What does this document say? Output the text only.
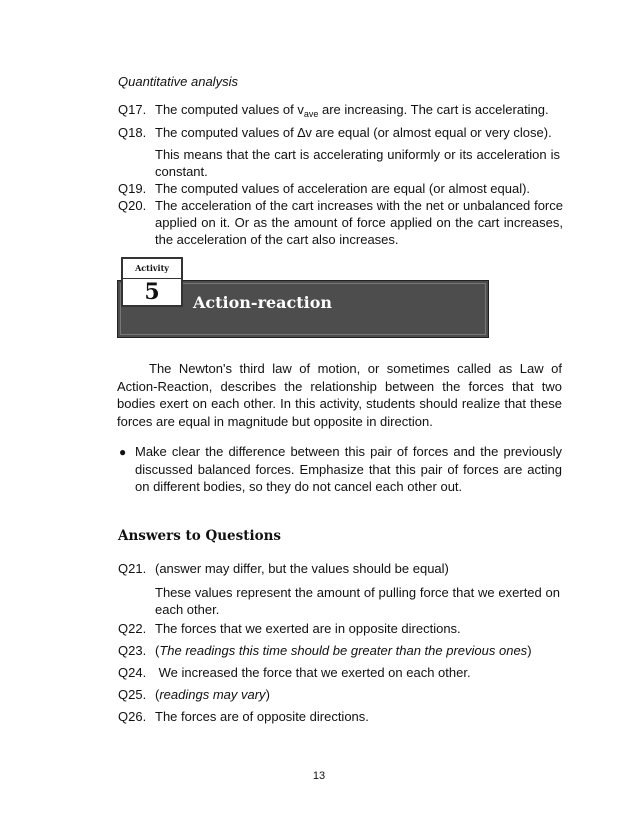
Quantitative analysis
Q17. The computed values of $v_{ave}$ are increasing. The cart is accelerating.
Q18. The computed values of ∆v are equal (or almost equal or very close).
This means that the cart is accelerating uniformly or its acceleration is constant.
Q19. The computed values of acceleration are equal (or almost equal).
Q20. The acceleration of the cart increases with the net or unbalanced force applied on it. Or as the amount of force applied on the cart increases, the acceleration of the cart also increases.
Action-reaction
Activity
5
The Newton's third law of motion, or sometimes called as Law of Action-Reaction, describes the relationship between the forces that two bodies exert on each other. In this activity, students should realize that these forces are equal in magnitude but opposite in direction.
● Make clear the difference between this pair of forces and the previously discussed balanced forces. Emphasize that this pair of forces are acting on different bodies, so they do not cancel each other out.
Answers to Questions
Q21. (answer may differ, but the values should be equal)
These values represent the amount of pulling force that we exerted on each other.
Q22. The forces that we exerted are in opposite directions.
Q23. (The readings this time should be greater than the previous ones)
Q24. We increased the force that we exerted on each other.
Q25. (readings may vary)
Q26. The forces are of opposite directions.
13
